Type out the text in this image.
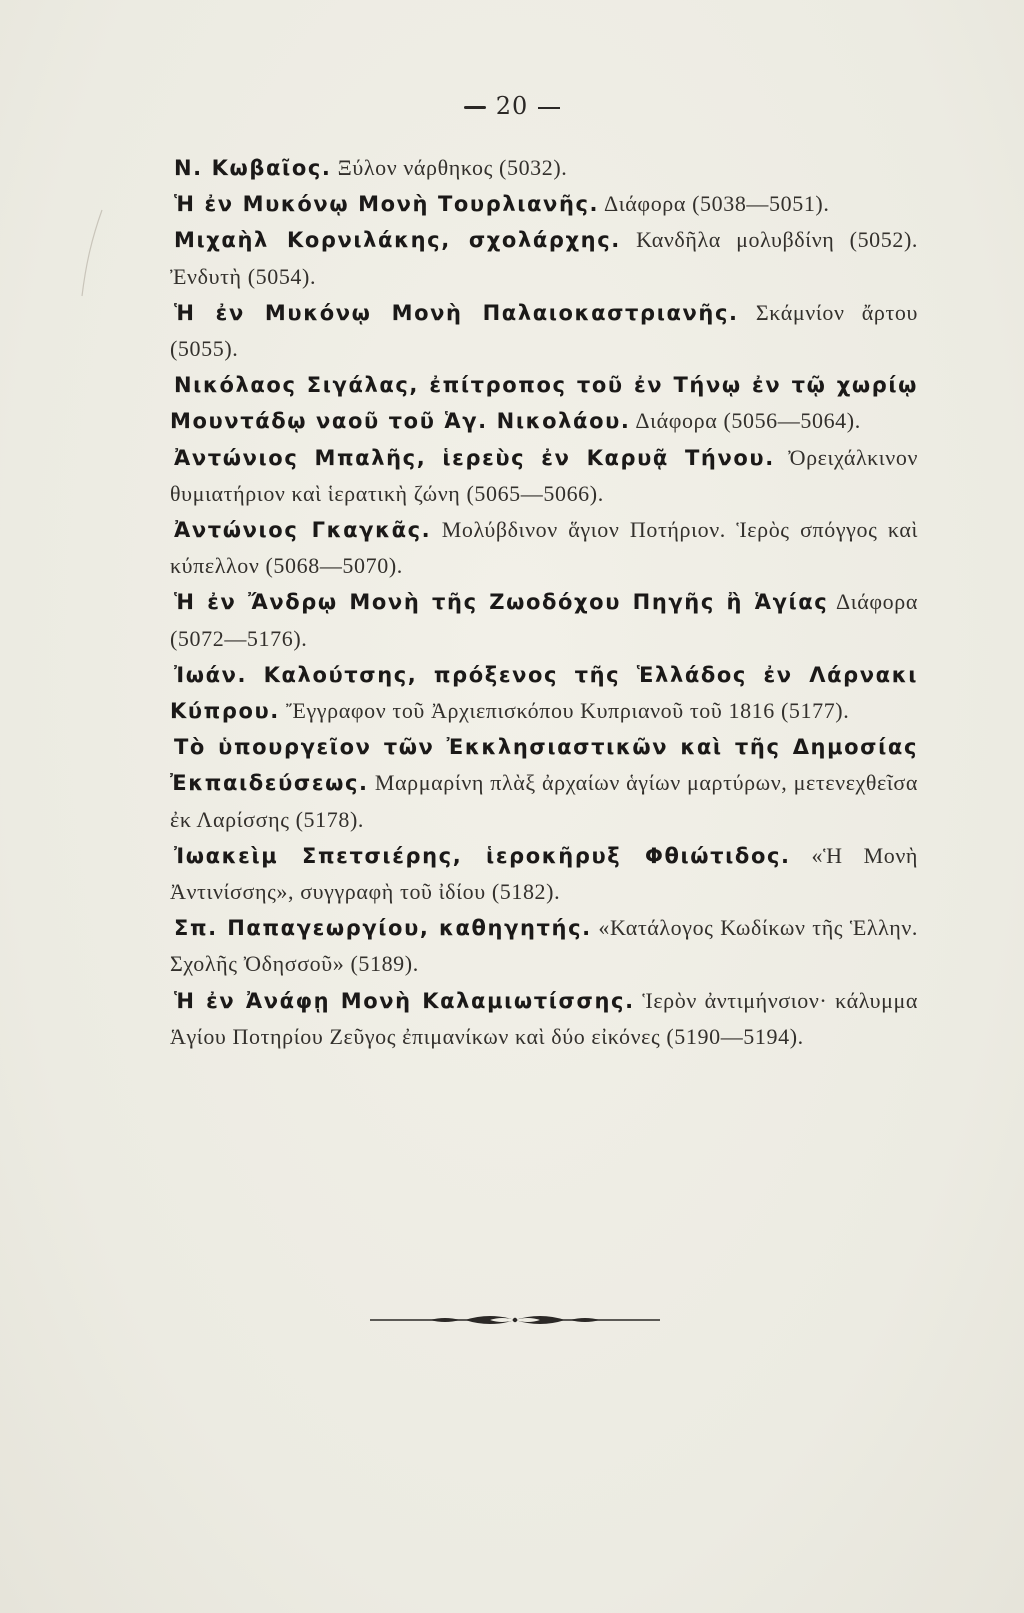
20

Ν. Κωβαῖος. Ξύλον νάρθηκος (5032).

Ἡ ἐν Μυκόνῳ Μονὴ Τουρλιανῆς. Διάφορα (5038—5051).

Μιχαὴλ Κορνιλάκης, σχολάρχης. Κανδῆλα μολυβδίνη (5052). Ἐνδυτὴ (5054).

Ἡ ἐν Μυκόνῳ Μονὴ Παλαιοκαστριανῆς. Σκάμνίον ἄρτου (5055).

Νικόλαος Σιγάλας, ἐπίτροπος τοῦ ἐν Τήνῳ ἐν τῷ χωρίῳ Μουντάδῳ ναοῦ τοῦ Ἁγ. Νικολάου. Διάφορα (5056—5064).

Ἀντώνιος Μπαλῆς, ἱερεὺς ἐν Καρυᾷ Τήνου. Ὀρειχάλκινον θυμιατήριον καὶ ἱερατικὴ ζώνη (5065—5066).

Ἀντώνιος Γκαγκᾶς. Μολύβδινον ἅγιον Ποτήριον. Ἱερὸς σπόγγος καὶ κύπελλον (5068—5070).

Ἡ ἐν Ἄνδρῳ Μονὴ τῆς Ζωοδόχου Πηγῆς ἢ Ἁγίας Διάφορα (5072—5176).

Ἰωάν. Καλούτσης, πρόξενος τῆς Ἑλλάδος ἐν Λάρνακι Κύπρου. Ἔγγραφον τοῦ Ἀρχιεπισκόπου Κυπριανοῦ τοῦ 1816 (5177).

Τὸ ὑπουργεῖον τῶν Ἐκκλησιαστικῶν καὶ τῆς Δημοσίας Ἐκπαιδεύσεως. Μαρμαρίνη πλὰξ ἀρχαίων ἁγίων μαρτύρων, μετενεχθεῖσα ἐκ Λαρίσσης (5178).

Ἰωακεὶμ Σπετσιέρης, ἱεροκῆρυξ Φθιώτιδος. «Ἡ Μονὴ Ἀντινίσσης», συγγραφὴ τοῦ ἰδίου (5182).

Σπ. Παπαγεωργίου, καθηγητής. «Κατάλογος Κωδίκων τῆς Ἑλλην. Σχολῆς Ὀδησσοῦ» (5189).

Ἡ ἐν Ἀνάφῃ Μονὴ Καλαμιωτίσσης. Ἱερὸν ἀντιμήνσιον· κάλυμμα Ἁγίου Ποτηρίου Ζεῦγος ἐπιμανίκων καὶ δύο εἰκόνες (5190—5194).
